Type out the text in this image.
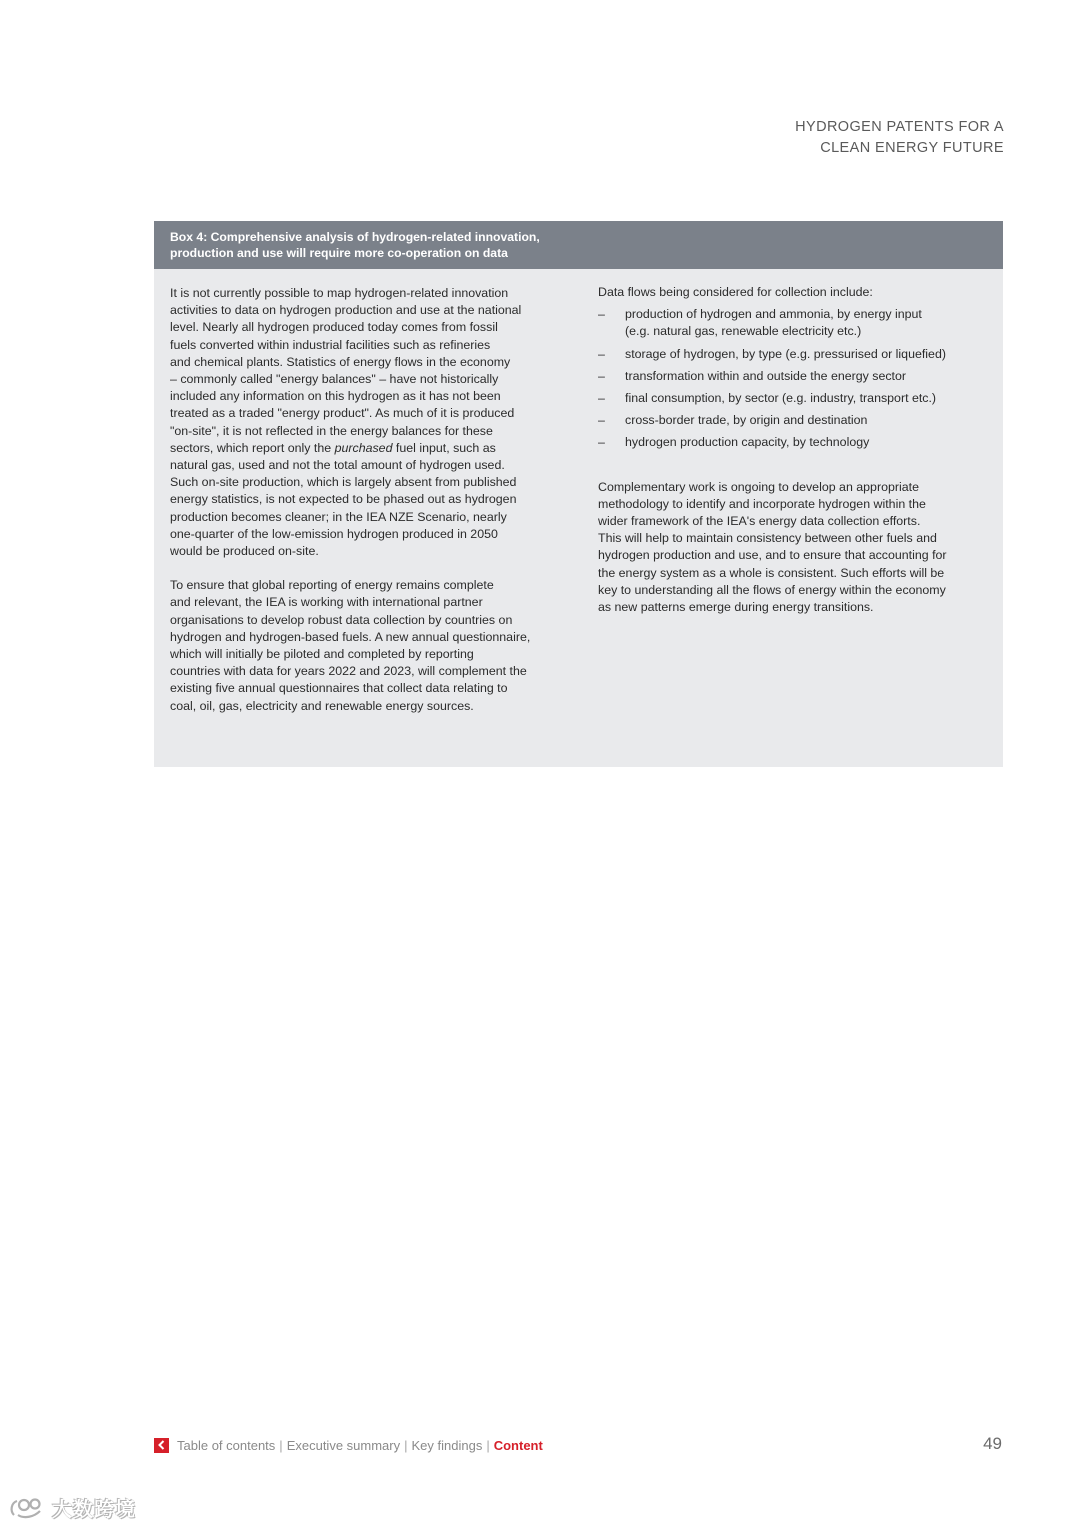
HYDROGEN PATENTS FOR A
CLEAN ENERGY FUTURE
Box 4: Comprehensive analysis of hydrogen-related innovation,
production and use will require more co-operation on data

It is not currently possible to map hydrogen-related innovation
activities to data on hydrogen production and use at the national
level. Nearly all hydrogen produced today comes from fossil
fuels converted within industrial facilities such as refineries
and chemical plants. Statistics of energy flows in the economy
– commonly called "energy balances" – have not historically
included any information on this hydrogen as it has not been
treated as a traded "energy product". As much of it is produced
"on-site", it is not reflected in the energy balances for these
sectors, which report only the purchased fuel input, such as
natural gas, used and not the total amount of hydrogen used.
Such on-site production, which is largely absent from published
energy statistics, is not expected to be phased out as hydrogen
production becomes cleaner; in the IEA NZE Scenario, nearly
one-quarter of the low-emission hydrogen produced in 2050
would be produced on-site.

To ensure that global reporting of energy remains complete
and relevant, the IEA is working with international partner
organisations to develop robust data collection by countries on
hydrogen and hydrogen-based fuels. A new annual questionnaire,
which will initially be piloted and completed by reporting
countries with data for years 2022 and 2023, will complement the
existing five annual questionnaires that collect data relating to
coal, oil, gas, electricity and renewable energy sources.

Data flows being considered for collection include:

– production of hydrogen and ammonia, by energy input
(e.g. natural gas, renewable electricity etc.)
– storage of hydrogen, by type (e.g. pressurised or liquefied)
– transformation within and outside the energy sector
– final consumption, by sector (e.g. industry, transport etc.)
– cross-border trade, by origin and destination
– hydrogen production capacity, by technology

Complementary work is ongoing to develop an appropriate
methodology to identify and incorporate hydrogen within the
wider framework of the IEA's energy data collection efforts.
This will help to maintain consistency between other fuels and
hydrogen production and use, and to ensure that accounting for
the energy system as a whole is consistent. Such efforts will be
key to understanding all the flows of energy within the economy
as new patterns emerge during energy transitions.

Table of contents | Executive summary | Key findings | Content	49
大数跨境
